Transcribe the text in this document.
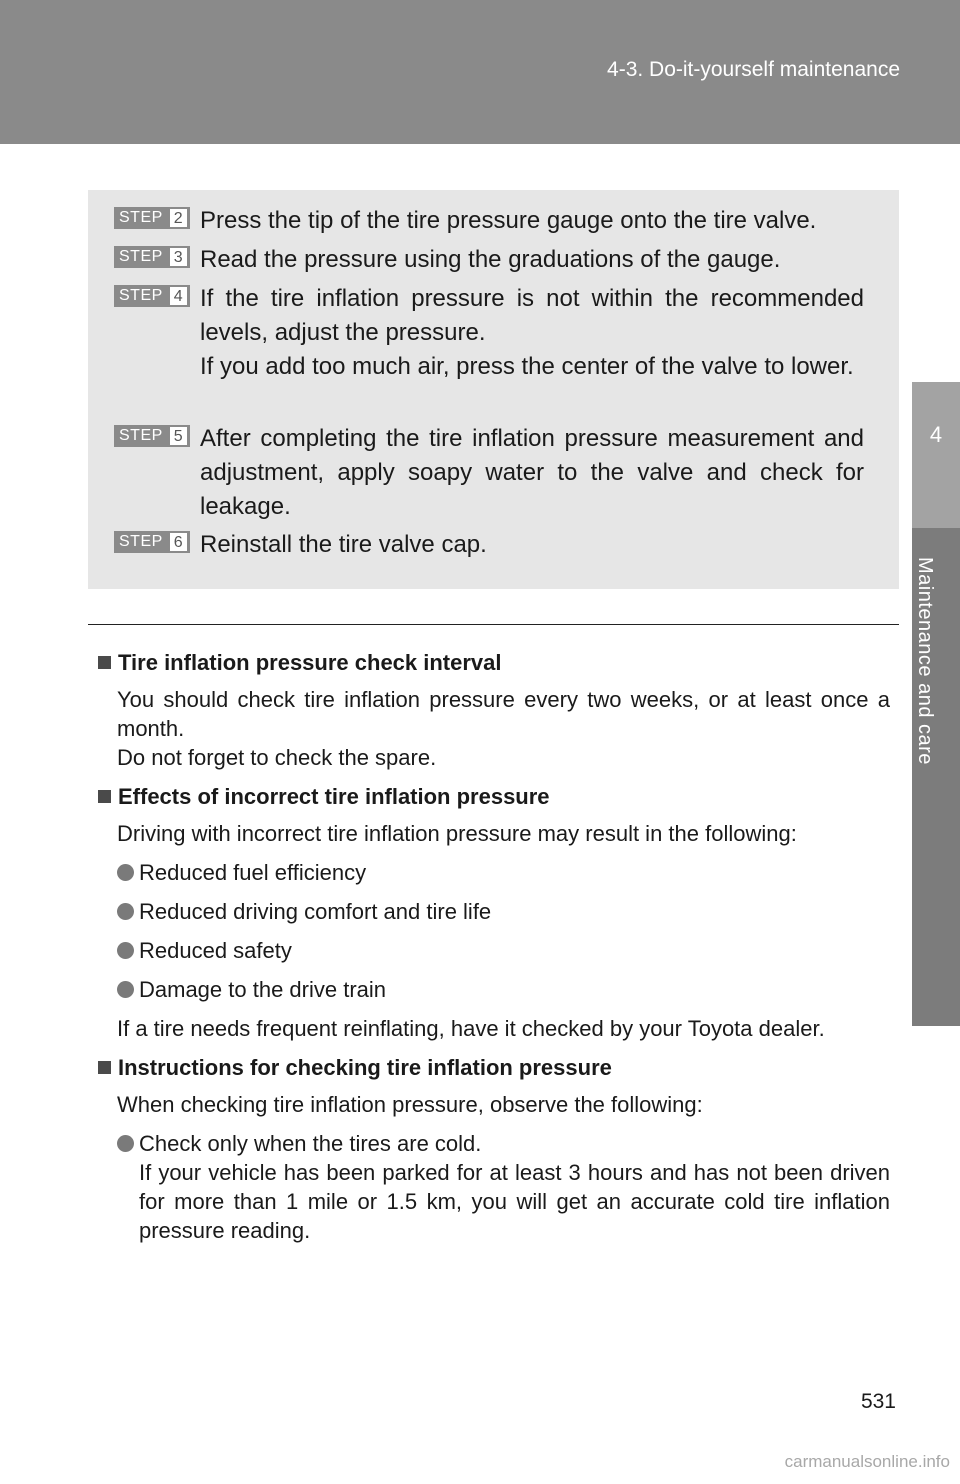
4-3. Do-it-yourself maintenance
4
Maintenance and care
STEP 2 Press the tip of the tire pressure gauge onto the tire valve.

STEP 3 Read the pressure using the graduations of the gauge.

STEP 4 If the tire inflation pressure is not within the recommended levels, adjust the pressure.

If you add too much air, press the center of the valve to lower.

STEP 5 After completing the tire inflation pressure measurement and adjustment, apply soapy water to the valve and check for leakage.

STEP 6 Reinstall the tire valve cap.

Tire inflation pressure check interval
You should check tire inflation pressure every two weeks, or at least once a month.
Do not forget to check the spare.
Effects of incorrect tire inflation pressure
Driving with incorrect tire inflation pressure may result in the following:
Reduced fuel efficiency
Reduced driving comfort and tire life
Reduced safety
Damage to the drive train
If a tire needs frequent reinflating, have it checked by your Toyota dealer.
Instructions for checking tire inflation pressure
When checking tire inflation pressure, observe the following:
Check only when the tires are cold.
If your vehicle has been parked for at least 3 hours and has not been driven for more than 1 mile or 1.5 km, you will get an accurate cold tire inflation pressure reading.
531
carmanualsonline.info
